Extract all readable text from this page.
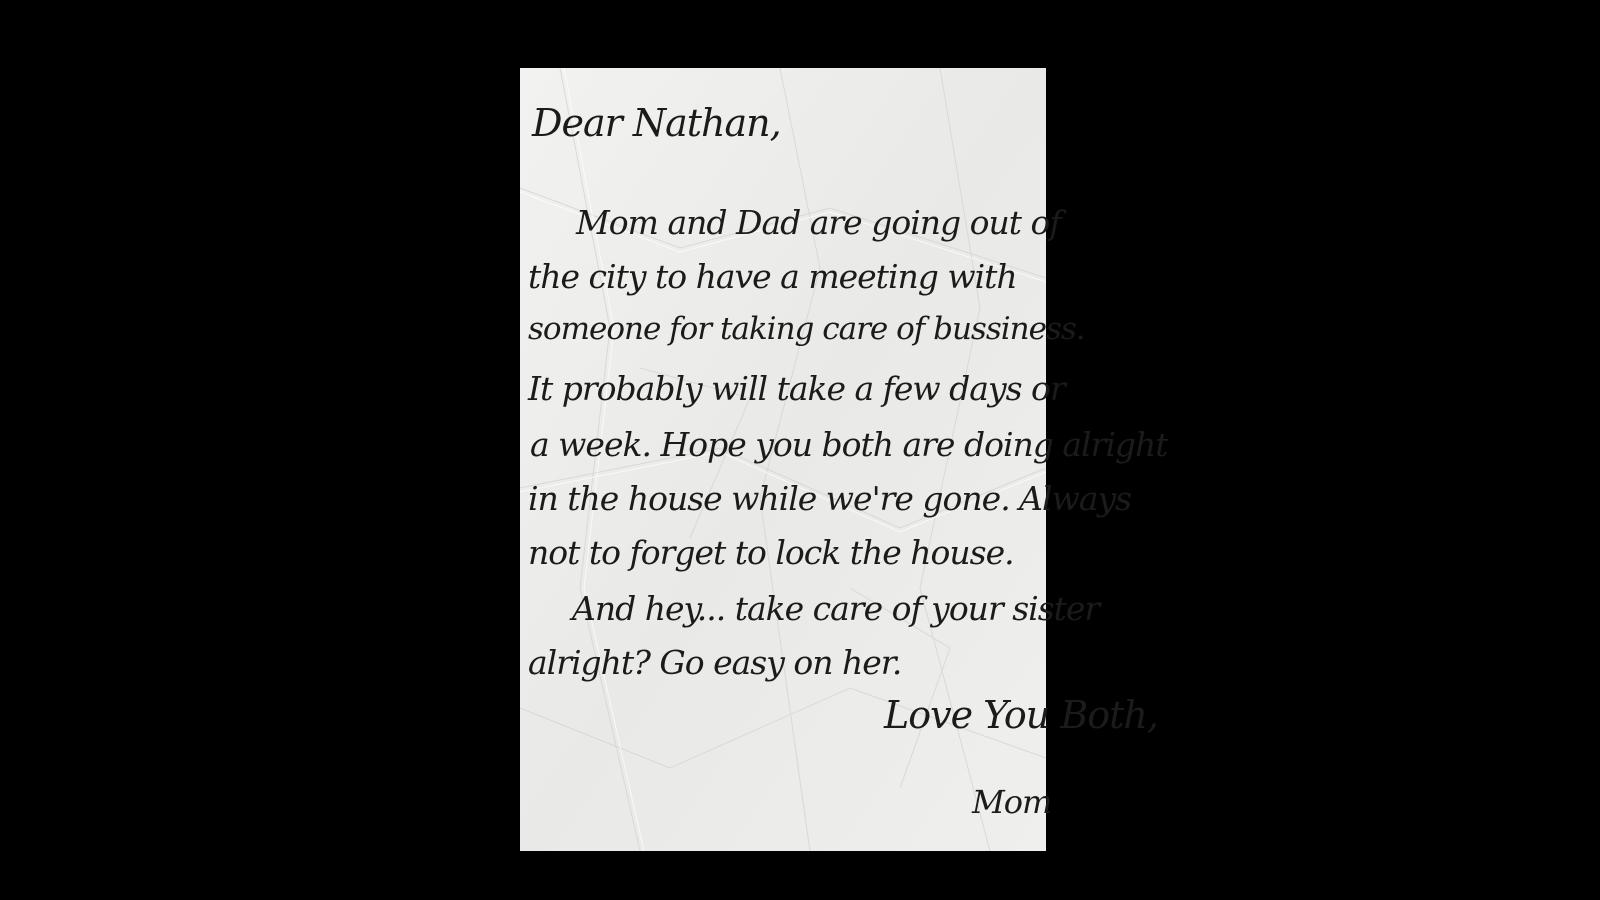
Dear Nathan,
Mom and Dad are going out of
the city to have a meeting with
someone for taking care of bussiness.
It probably will take a few days or
a week. Hope you both are doing alright
in the house while we're gone. Always
not to forget to lock the house.
And hey... take care of your sister
alright? Go easy on her.
Love You Both,
Mom
